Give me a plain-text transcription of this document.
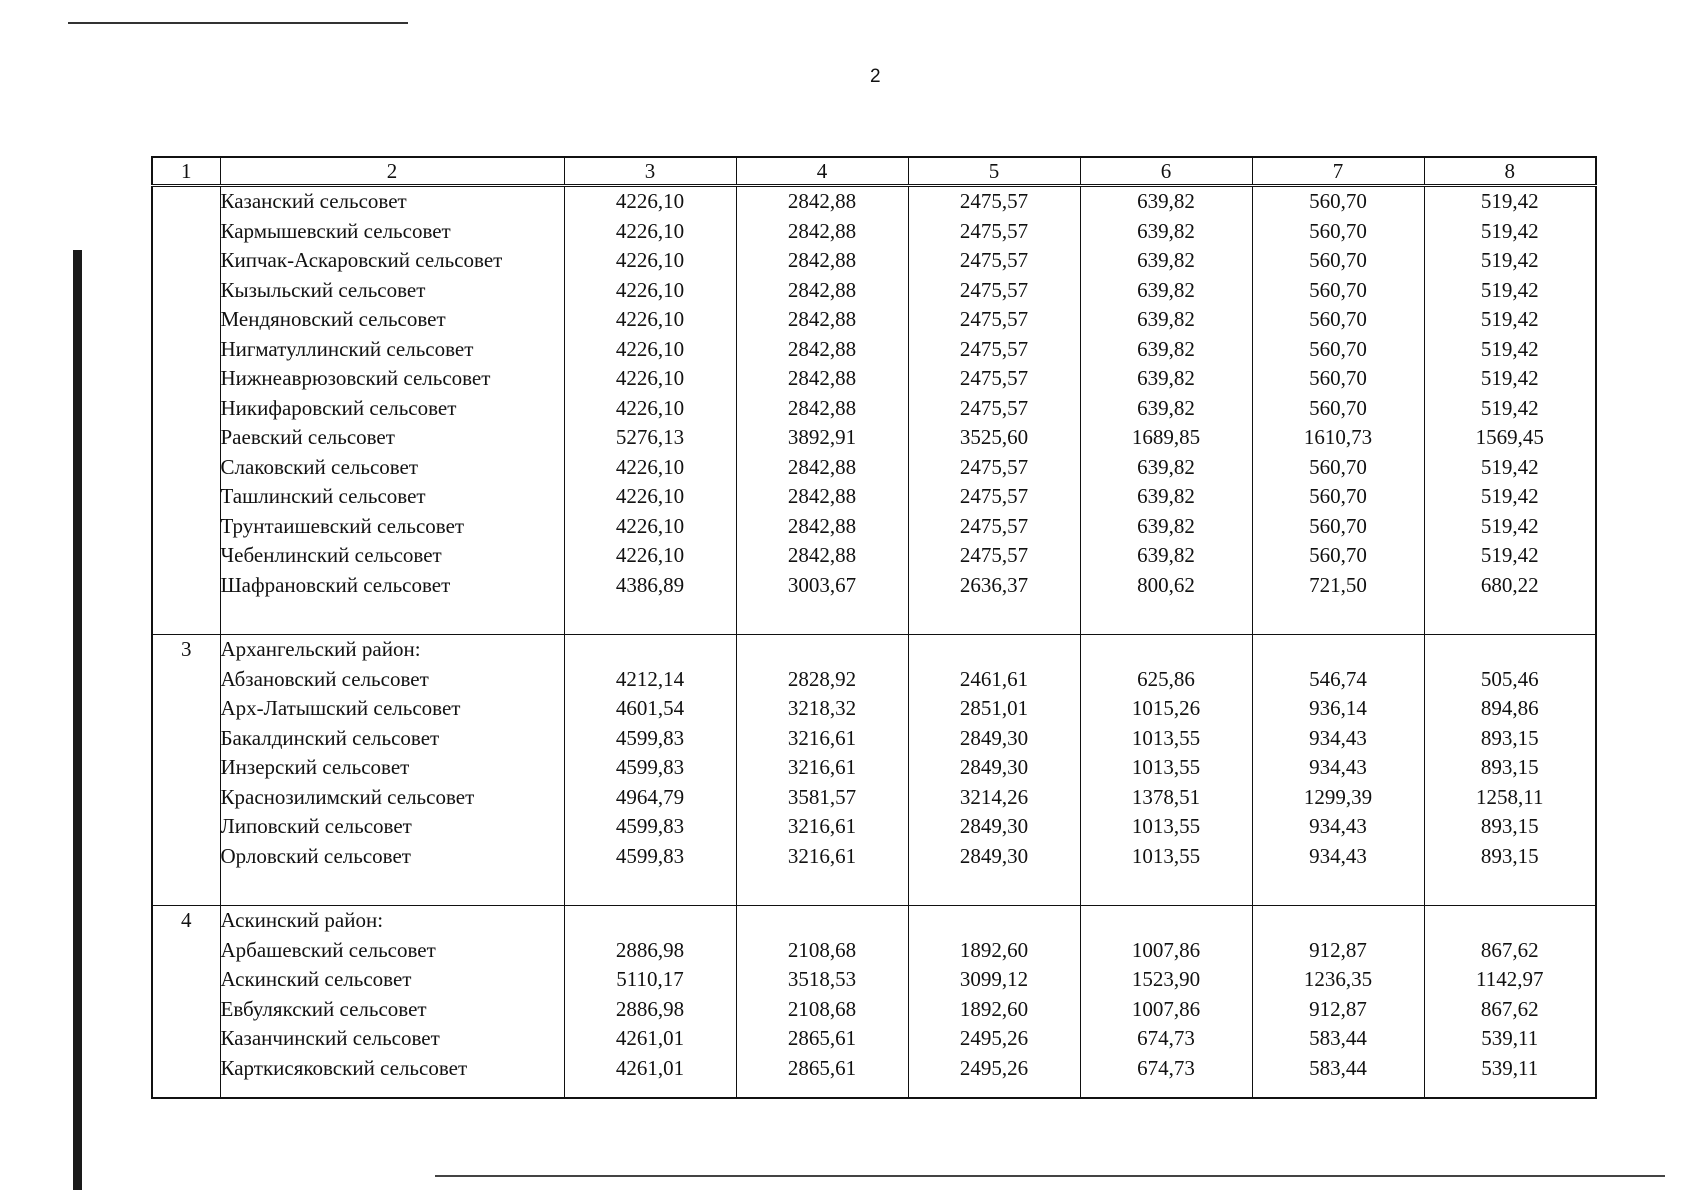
2
1	2	3	4	5	6	7	8
	Казанский сельсовет	4226,10	2842,88	2475,57	639,82	560,70	519,42
	Кармышевский сельсовет	4226,10	2842,88	2475,57	639,82	560,70	519,42
	Кипчак-Аскаровский сельсовет	4226,10	2842,88	2475,57	639,82	560,70	519,42
	Кызыльский сельсовет	4226,10	2842,88	2475,57	639,82	560,70	519,42
	Мендяновский сельсовет	4226,10	2842,88	2475,57	639,82	560,70	519,42
	Нигматуллинский сельсовет	4226,10	2842,88	2475,57	639,82	560,70	519,42
	Нижнеаврюзовский сельсовет	4226,10	2842,88	2475,57	639,82	560,70	519,42
	Никифаровский сельсовет	4226,10	2842,88	2475,57	639,82	560,70	519,42
	Раевский сельсовет	5276,13	3892,91	3525,60	1689,85	1610,73	1569,45
	Слаковский сельсовет	4226,10	2842,88	2475,57	639,82	560,70	519,42
	Ташлинский сельсовет	4226,10	2842,88	2475,57	639,82	560,70	519,42
	Трунтаишевский сельсовет	4226,10	2842,88	2475,57	639,82	560,70	519,42
	Чебенлинский сельсовет	4226,10	2842,88	2475,57	639,82	560,70	519,42
	Шафрановский сельсовет	4386,89	3003,67	2636,37	800,62	721,50	680,22

3	Архангельский район:						
	Абзановский сельсовет	4212,14	2828,92	2461,61	625,86	546,74	505,46
	Арх-Латышский сельсовет	4601,54	3218,32	2851,01	1015,26	936,14	894,86
	Бакалдинский сельсовет	4599,83	3216,61	2849,30	1013,55	934,43	893,15
	Инзерский сельсовет	4599,83	3216,61	2849,30	1013,55	934,43	893,15
	Краснозилимский сельсовет	4964,79	3581,57	3214,26	1378,51	1299,39	1258,11
	Липовский сельсовет	4599,83	3216,61	2849,30	1013,55	934,43	893,15
	Орловский сельсовет	4599,83	3216,61	2849,30	1013,55	934,43	893,15

4	Аскинский район:						
	Арбашевский сельсовет	2886,98	2108,68	1892,60	1007,86	912,87	867,62
	Аскинский сельсовет	5110,17	3518,53	3099,12	1523,90	1236,35	1142,97
	Евбулякский сельсовет	2886,98	2108,68	1892,60	1007,86	912,87	867,62
	Казанчинский сельсовет	4261,01	2865,61	2495,26	674,73	583,44	539,11
	Карткисяковский сельсовет	4261,01	2865,61	2495,26	674,73	583,44	539,11
